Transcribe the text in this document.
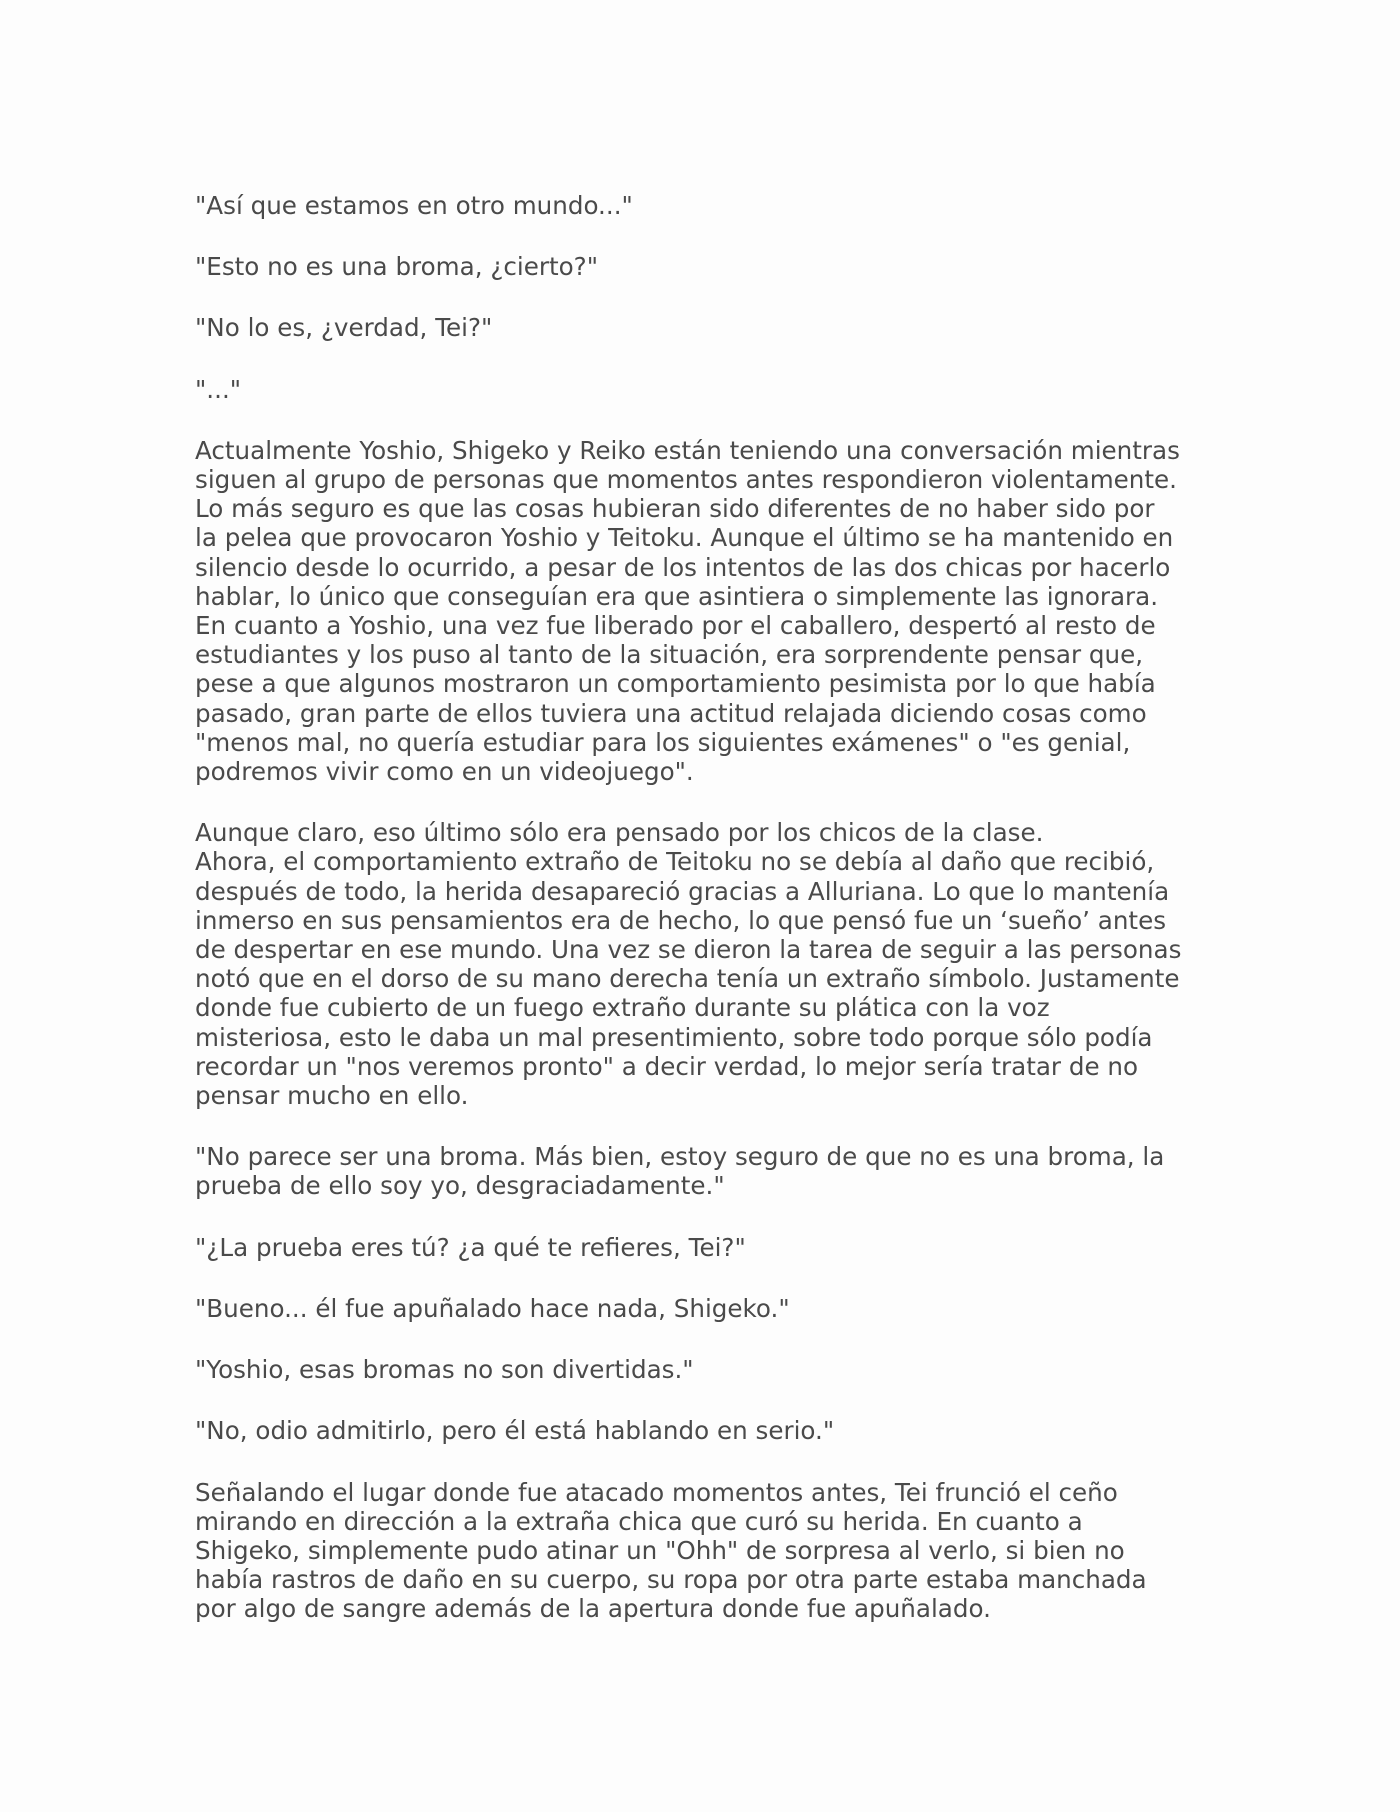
"Así que estamos en otro mundo..."

"Esto no es una broma, ¿cierto?"

"No lo es, ¿verdad, Tei?"

"..."

Actualmente Yoshio, Shigeko y Reiko están teniendo una conversación mientras
siguen al grupo de personas que momentos antes respondieron violentamente.
Lo más seguro es que las cosas hubieran sido diferentes de no haber sido por
la pelea que provocaron Yoshio y Teitoku. Aunque el último se ha mantenido en
silencio desde lo ocurrido, a pesar de los intentos de las dos chicas por hacerlo
hablar, lo único que conseguían era que asintiera o simplemente las ignorara.
En cuanto a Yoshio, una vez fue liberado por el caballero, despertó al resto de
estudiantes y los puso al tanto de la situación, era sorprendente pensar que,
pese a que algunos mostraron un comportamiento pesimista por lo que había
pasado, gran parte de ellos tuviera una actitud relajada diciendo cosas como
"menos mal, no quería estudiar para los siguientes exámenes" o "es genial,
podremos vivir como en un videojuego".

Aunque claro, eso último sólo era pensado por los chicos de la clase.
Ahora, el comportamiento extraño de Teitoku no se debía al daño que recibió,
después de todo, la herida desapareció gracias a Alluriana. Lo que lo mantenía
inmerso en sus pensamientos era de hecho, lo que pensó fue un ‘sueño’ antes
de despertar en ese mundo. Una vez se dieron la tarea de seguir a las personas
notó que en el dorso de su mano derecha tenía un extraño símbolo. Justamente
donde fue cubierto de un fuego extraño durante su plática con la voz
misteriosa, esto le daba un mal presentimiento, sobre todo porque sólo podía
recordar un "nos veremos pronto" a decir verdad, lo mejor sería tratar de no
pensar mucho en ello.

"No parece ser una broma. Más bien, estoy seguro de que no es una broma, la
prueba de ello soy yo, desgraciadamente."

"¿La prueba eres tú? ¿a qué te refieres, Tei?"

"Bueno... él fue apuñalado hace nada, Shigeko."

"Yoshio, esas bromas no son divertidas."

"No, odio admitirlo, pero él está hablando en serio."

Señalando el lugar donde fue atacado momentos antes, Tei frunció el ceño
mirando en dirección a la extraña chica que curó su herida. En cuanto a
Shigeko, simplemente pudo atinar un "Ohh" de sorpresa al verlo, si bien no
había rastros de daño en su cuerpo, su ropa por otra parte estaba manchada
por algo de sangre además de la apertura donde fue apuñalado.
